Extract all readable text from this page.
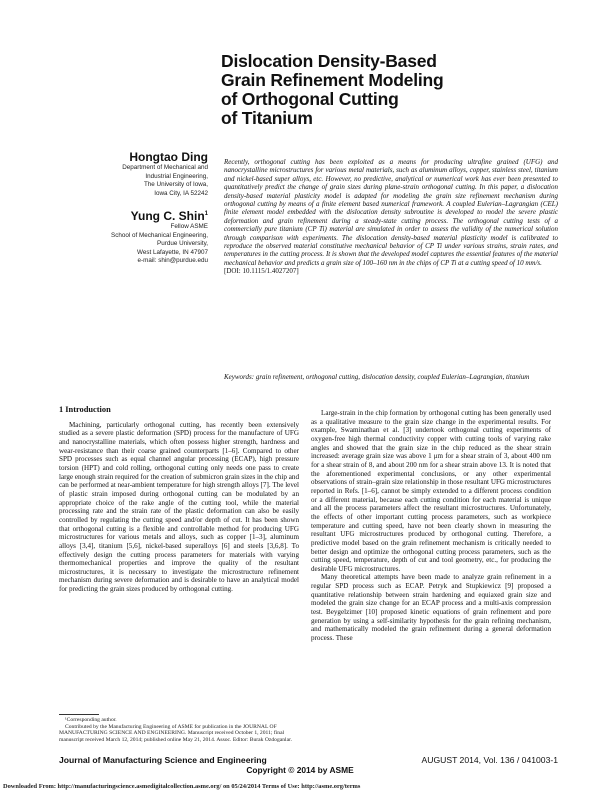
Dislocation Density-Based
Grain Refinement Modeling
of Orthogonal Cutting
of Titanium
Hongtao Ding
Department of Mechanical and
Industrial Engineering,
The University of Iowa,
Iowa City, IA 52242
Yung C. Shin$^1$
Fellow ASME
School of Mechanical Engineering,
Purdue University,
West Lafayette, IN 47907
e-mail: shin@purdue.edu
Recently, orthogonal cutting has been exploited as a means for producing ultrafine grained (UFG) and nanocrystalline microstructures for various metal materials, such as aluminum alloys, copper, stainless steel, titanium and nickel-based super alloys, etc. However, no predictive, analytical or numerical work has ever been presented to quantitatively predict the change of grain sizes during plane-strain orthogonal cutting. In this paper, a dislocation density-based material plasticity model is adapted for modeling the grain size refinement mechanism during orthogonal cutting by means of a finite element based numerical framework. A coupled Eulerian–Lagrangian (CEL) finite element model embedded with the dislocation density subroutine is developed to model the severe plastic deformation and grain refinement during a steady-state cutting process. The orthogonal cutting tests of a commercially pure titanium (CP Ti) material are simulated in order to assess the validity of the numerical solution through comparison with experiments. The dislocation density-based material plasticity model is calibrated to reproduce the observed material constitutive mechanical behavior of CP Ti under various strains, strain rates, and temperatures in the cutting process. It is shown that the developed model captures the essential features of the material mechanical behavior and predicts a grain size of 100–160 nm in the chips of CP Ti at a cutting speed of 10 mm/s.
[DOI: 10.1115/1.4027207]
Keywords: grain refinement, orthogonal cutting, dislocation density, coupled Eulerian–Lagrangian, titanium
1 Introduction

Machining, particularly orthogonal cutting, has recently been extensively studied as a severe plastic deformation (SPD) process for the manufacture of UFG and nanocrystalline materials, which often possess higher strength, hardness and wear-resistance than their coarse grained counterparts [1–6]. Compared to other SPD processes such as equal channel angular processing (ECAP), high pressure torsion (HPT) and cold rolling, orthogonal cutting only needs one pass to create large enough strain required for the creation of submicron grain sizes in the chip and can be performed at near-ambient temperature for high strength alloys [7]. The level of plastic strain imposed during orthogonal cutting can be modulated by an appropriate choice of the rake angle of the cutting tool, while the material processing rate and the strain rate of the plastic deformation can also be easily controlled by regulating the cutting speed and/or depth of cut. It has been shown that orthogonal cutting is a flexible and controllable method for producing UFG microstructures for various metals and alloys, such as copper [1–3], aluminum alloys [3,4], titanium [5,6], nickel-based superalloys [6] and steels [3,6,8]. To effectively design the cutting process parameters for materials with varying thermomechanical properties and improve the quality of the resultant microstructures, it is necessary to investigate the microstructure refinement mechanism during severe deformation and is desirable to have an analytical model for predicting the grain sizes produced by orthogonal cutting.

Large-strain in the chip formation by orthogonal cutting has been generally used as a qualitative measure to the grain size change in the experimental results. For example, Swaminathan et al. [3] undertook orthogonal cutting experiments of oxygen-free high thermal conductivity copper with cutting tools of varying rake angles and showed that the grain size in the chip reduced as the shear strain increased: average grain size was above 1 μm for a shear strain of 3, about 400 nm for a shear strain of 8, and about 200 nm for a shear strain above 13. It is noted that the aforementioned experimental conclusions, or any other experimental observations of strain–grain size relationship in those resultant UFG microstructures reported in Refs. [1–6], cannot be simply extended to a different process condition or a different material, because each cutting condition for each material is unique and all the process parameters affect the resultant microstructures. Unfortunately, the effects of other important cutting process parameters, such as workpiece temperature and cutting speed, have not been clearly shown in measuring the resultant UFG microstructures produced by orthogonal cutting. Therefore, a predictive model based on the grain refinement mechanism is critically needed to better design and optimize the orthogonal cutting process parameters, such as the cutting speed, temperature, depth of cut and tool geometry, etc., for producing the desirable UFG microstructures.

Many theoretical attempts have been made to analyze grain refinement in a regular SPD process such as ECAP. Petryk and Stupkiewicz [9] proposed a quantitative relationship between strain hardening and equiaxed grain size and modeled the grain size change for an ECAP process and a multi-axis compression test. Beygelzimer [10] proposed kinetic equations of grain refinement and pore generation by using a self-similarity hypothesis for the grain refining mechanism, and mathematically modeled the grain refinement during a general deformation process. These

¹Corresponding author.

Contributed by the Manufacturing Engineering of ASME for publication in the JOURNAL OF MANUFACTURING SCIENCE AND ENGINEERING. Manuscript received October 1, 2011; final manuscript received March 12, 2014; published online May 21, 2014. Assoc. Editor: Burak Ozdoganlar.

Journal of Manufacturing Science and Engineering	AUGUST 2014, Vol. 136 / 041003-1
Copyright © 2014 by ASME
Downloaded From: http://manufacturingscience.asmedigitalcollection.asme.org/ on 05/24/2014 Terms of Use: http://asme.org/terms
